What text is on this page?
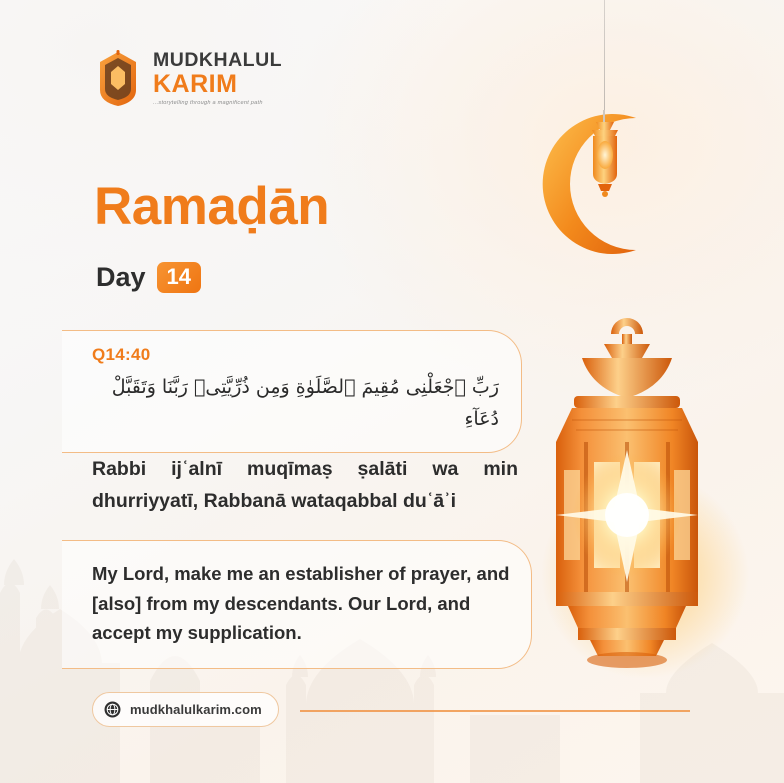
MUDKHALUL
KARIM
...storytelling through a magnificent path
Ramaḍān
Day 14
Q14:40
رَبِّ ٱجْعَلْنِى مُقِيمَ ٱلصَّلَوٰةِ وَمِن ذُرِّيَّتِىۚ رَبَّنَا وَتَقَبَّلْ دُعَآءِ
Rabbi ijʿalnī muqīmaṣ ṣalāti wa min dhurriyyatī, Rabbanā wataqabbal duʿāʾi
My Lord, make me an establisher of prayer, and [also] from my descendants. Our Lord, and accept my supplication.
mudkhalulkarim.com
